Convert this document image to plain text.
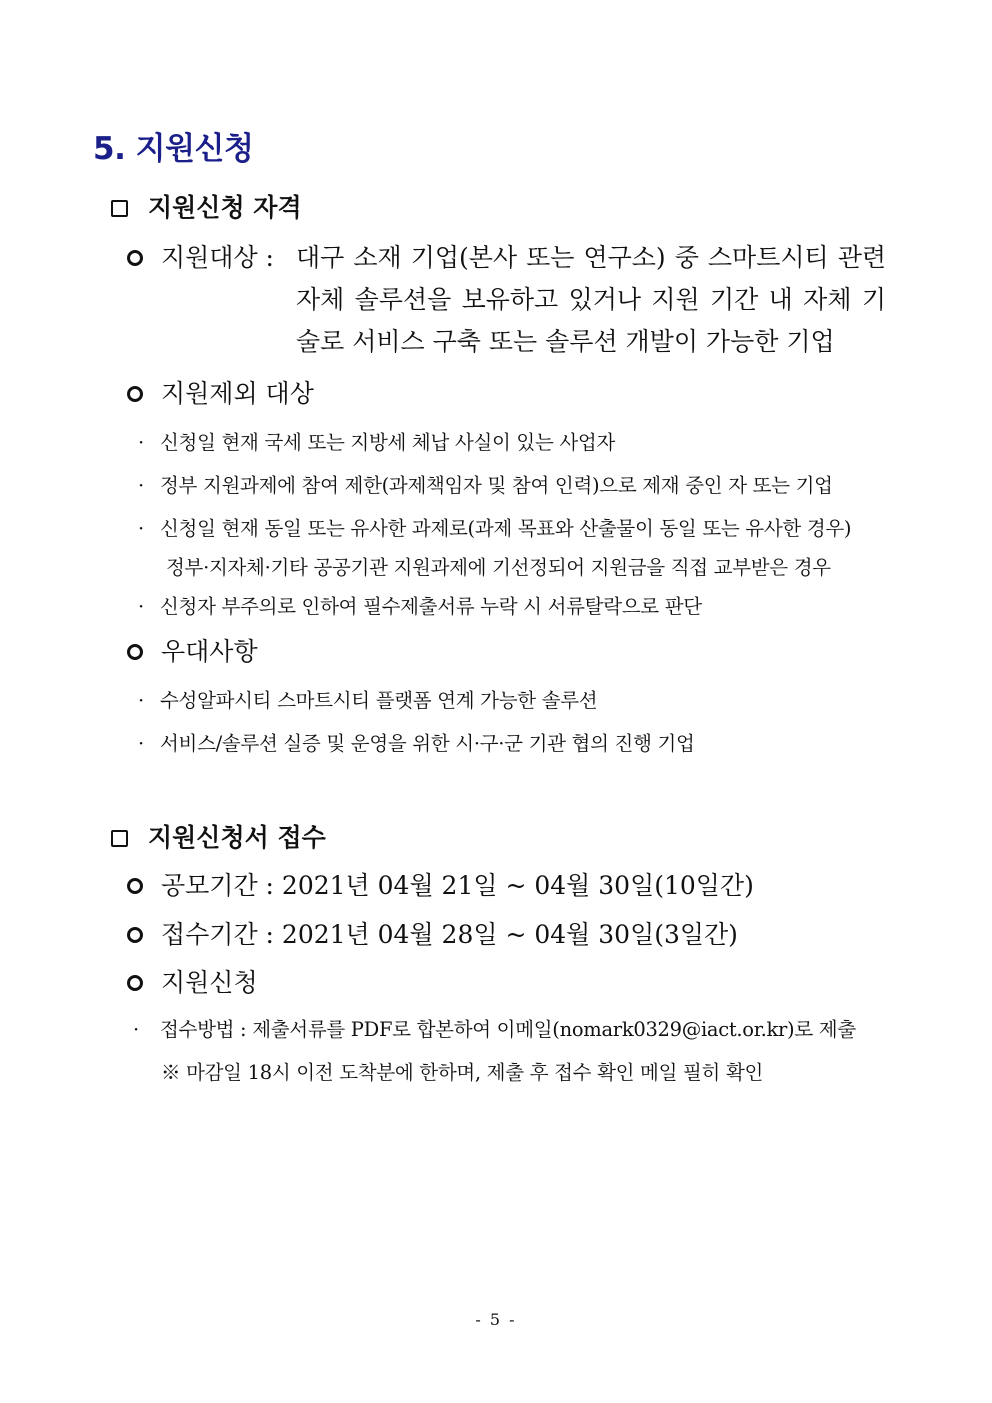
5. 지원신청
지원신청 자격
지원대상 : 대구 소재 기업(본사 또는 연구소) 중 스마트시티 관련
자체 솔루션을 보유하고 있거나 지원 기간 내 자체 기
술로 서비스 구축 또는 솔루션 개발이 가능한 기업
지원제외 대상
· 신청일 현재 국세 또는 지방세 체납 사실이 있는 사업자
· 정부 지원과제에 참여 제한(과제책임자 및 참여 인력)으로 제재 중인 자 또는 기업
· 신청일 현재 동일 또는 유사한 과제로(과제 목표와 산출물이 동일 또는 유사한 경우)
정부·지자체·기타 공공기관 지원과제에 기선정되어 지원금을 직접 교부받은 경우
· 신청자 부주의로 인하여 필수제출서류 누락 시 서류탈락으로 판단
우대사항
· 수성알파시티 스마트시티 플랫폼 연계 가능한 솔루션
· 서비스/솔루션 실증 및 운영을 위한 시·구·군 기관 협의 진행 기업
지원신청서 접수
공모기간 : 2021년 04월 21일 ~ 04월 30일(10일간)
접수기간 : 2021년 04월 28일 ~ 04월 30일(3일간)
지원신청
· 접수방법 : 제출서류를 PDF로 합본하여 이메일(nomark0329@iact.or.kr)로 제출
※ 마감일 18시 이전 도착분에 한하며, 제출 후 접수 확인 메일 필히 확인
- 5 -
